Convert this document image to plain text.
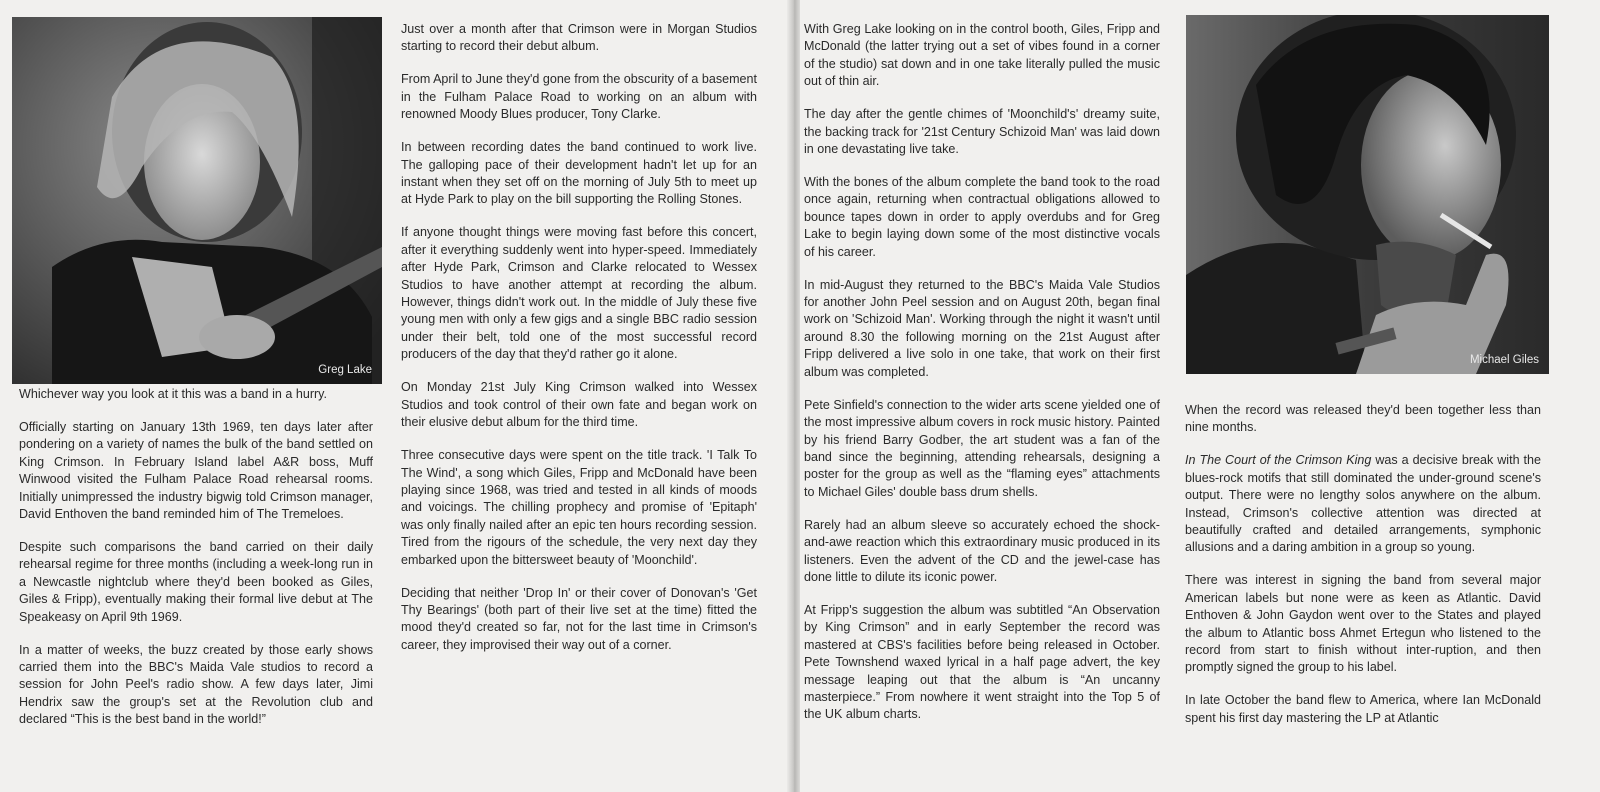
Greg Lake

Whichever way you look at it this was a band in a hurry.

Officially starting on January 13th 1969, ten days later after pondering on a variety of names the bulk of the band settled on King Crimson. In February Island label A&R boss, Muff Winwood visited the Fulham Palace Road rehearsal rooms. Initially unimpressed the industry bigwig told Crimson manager, David Enthoven the band reminded him of The Tremeloes.

Despite such comparisons the band carried on their daily rehearsal regime for three months (including a week-long run in a Newcastle nightclub where they'd been booked as Giles, Giles & Fripp), eventually making their formal live debut at The Speakeasy on April 9th 1969.

In a matter of weeks, the buzz created by those early shows carried them into the BBC's Maida Vale studios to record a session for John Peel's radio show. A few days later, Jimi Hendrix saw the group's set at the Revolution club and declared “This is the best band in the world!”

Just over a month after that Crimson were in Morgan Studios starting to record their debut album.

From April to June they'd gone from the obscurity of a basement in the Fulham Palace Road to working on an album with renowned Moody Blues producer, Tony Clarke.

In between recording dates the band continued to work live. The galloping pace of their development hadn't let up for an instant when they set off on the morning of July 5th to meet up at Hyde Park to play on the bill supporting the Rolling Stones.

If anyone thought things were moving fast before this concert, after it everything suddenly went into hyper-speed. Immediately after Hyde Park, Crimson and Clarke relocated to Wessex Studios to have another attempt at recording the album. However, things didn't work out. In the middle of July these five young men with only a few gigs and a single BBC radio session under their belt, told one of the most successful record producers of the day that they'd rather go it alone.

On Monday 21st July King Crimson walked into Wessex Studios and took control of their own fate and began work on their elusive debut album for the third time.

Three consecutive days were spent on the title track. 'I Talk To The Wind', a song which Giles, Fripp and McDonald have been playing since 1968, was tried and tested in all kinds of moods and voicings. The chilling prophecy and promise of 'Epitaph' was only finally nailed after an epic ten hours recording session. Tired from the rigours of the schedule, the very next day they embarked upon the bittersweet beauty of 'Moonchild'.

Deciding that neither 'Drop In' or their cover of Donovan's 'Get Thy Bearings' (both part of their live set at the time) fitted the mood they'd created so far, not for the last time in Crimson's career, they improvised their way out of a corner.

With Greg Lake looking on in the control booth, Giles, Fripp and McDonald (the latter trying out a set of vibes found in a corner of the studio) sat down and in one take literally pulled the music out of thin air.

The day after the gentle chimes of 'Moonchild's' dreamy suite, the backing track for '21st Century Schizoid Man' was laid down in one devastating live take.

With the bones of the album complete the band took to the road once again, returning when contractual obligations allowed to bounce tapes down in order to apply overdubs and for Greg Lake to begin laying down some of the most distinctive vocals of his career.

In mid-August they returned to the BBC's Maida Vale Studios for another John Peel session and on August 20th, began final work on 'Schizoid Man'. Working through the night it wasn't until around 8.30 the following morning on the 21st August after Fripp delivered a live solo in one take, that work on their first album was completed.

Pete Sinfield's connection to the wider arts scene yielded one of the most impressive album covers in rock music history. Painted by his friend Barry Godber, the art student was a fan of the band since the beginning, attending rehearsals, designing a poster for the group as well as the “flaming eyes” attachments to Michael Giles' double bass drum shells.

Rarely had an album sleeve so accurately echoed the shock-and-awe reaction which this extraordinary music produced in its listeners. Even the advent of the CD and the jewel-case has done little to dilute its iconic power.

At Fripp's suggestion the album was subtitled “An Observation by King Crimson” and in early September the record was mastered at CBS's facilities before being released in October. Pete Townshend waxed lyrical in a half page advert, the key message leaping out that the album is “An uncanny masterpiece.” From nowhere it went straight into the Top 5 of the UK album charts.

Michael Giles

When the record was released they'd been together less than nine months.

In The Court of the Crimson King was a decisive break with the blues-rock motifs that still dominated the under-ground scene's output. There were no lengthy solos anywhere on the album. Instead, Crimson's collective attention was directed at beautifully crafted and detailed arrangements, symphonic allusions and a daring ambition in a group so young.

There was interest in signing the band from several major American labels but none were as keen as Atlantic. David Enthoven & John Gaydon went over to the States and played the album to Atlantic boss Ahmet Ertegun who listened to the record from start to finish without inter-ruption, and then promptly signed the group to his label.

In late October the band flew to America, where Ian McDonald spent his first day mastering the LP at Atlantic
